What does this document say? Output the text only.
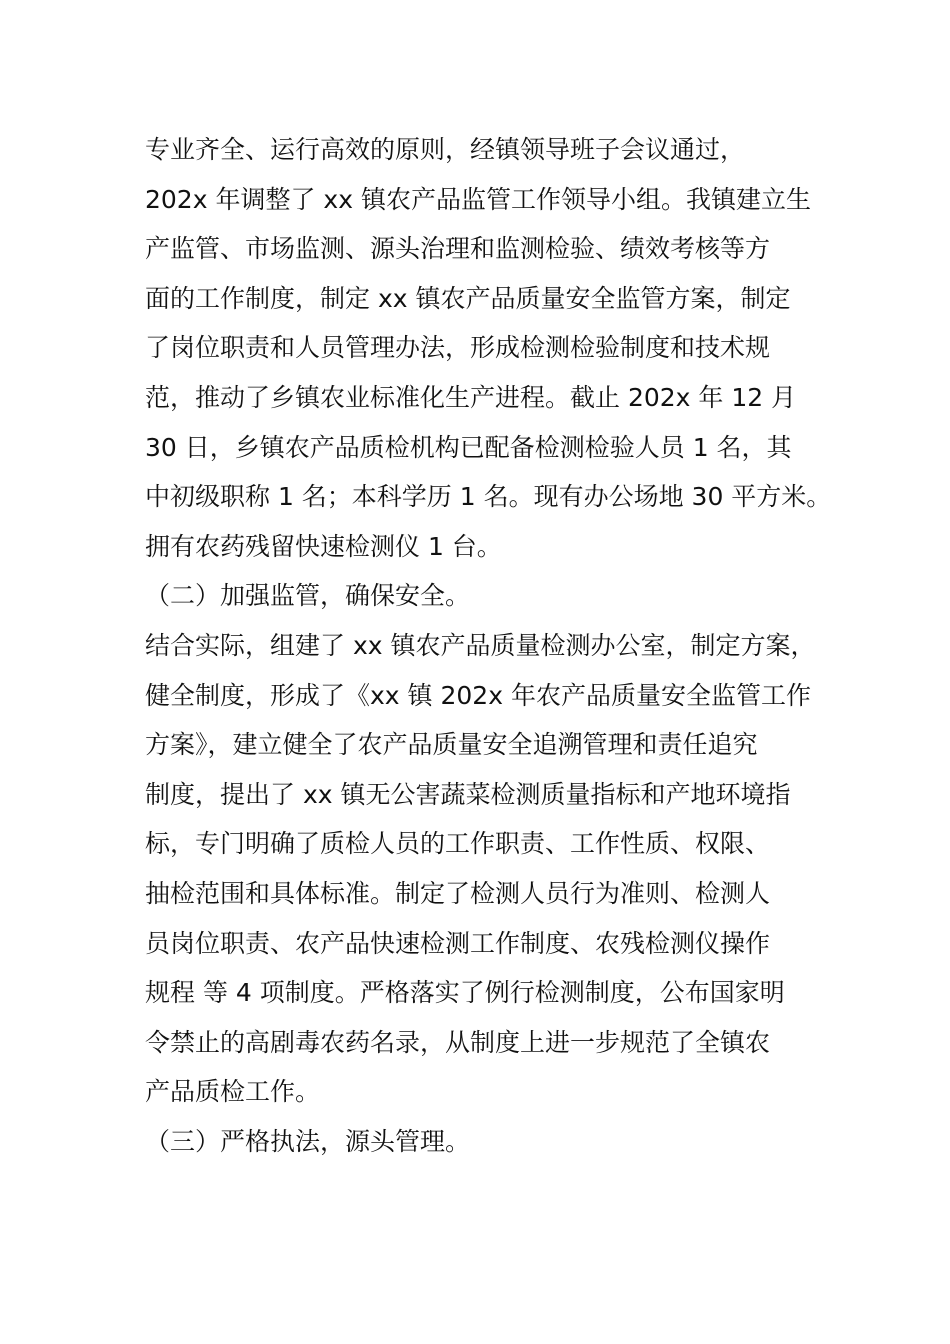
专业齐全、运行高效的原则，经镇领导班子会议通过，
202x 年调整了 xx 镇农产品监管工作领导小组。我镇建立生
产监管、市场监测、源头治理和监测检验、绩效考核等方
面的工作制度，制定 xx 镇农产品质量安全监管方案，制定
了岗位职责和人员管理办法，形成检测检验制度和技术规
范，推动了乡镇农业标准化生产进程。截止 202x 年 12 月
30 日，乡镇农产品质检机构已配备检测检验人员 1 名，其
中初级职称 1 名；本科学历 1 名。现有办公场地 30 平方米。
拥有农药残留快速检测仪 1 台。
（二）加强监管，确保安全。
结合实际，组建了 xx 镇农产品质量检测办公室，制定方案，
健全制度，形成了《xx 镇 202x 年农产品质量安全监管工作
方案》，建立健全了农产品质量安全追溯管理和责任追究
制度，提出了 xx 镇无公害蔬菜检测质量指标和产地环境指
标，专门明确了质检人员的工作职责、工作性质、权限、
抽检范围和具体标准。制定了检测人员行为准则、检测人
员岗位职责、农产品快速检测工作制度、农残检测仪操作
规程 等 4 项制度。严格落实了例行检测制度，公布国家明
令禁止的高剧毒农药名录，从制度上进一步规范了全镇农
产品质检工作。
（三）严格执法，源头管理。
